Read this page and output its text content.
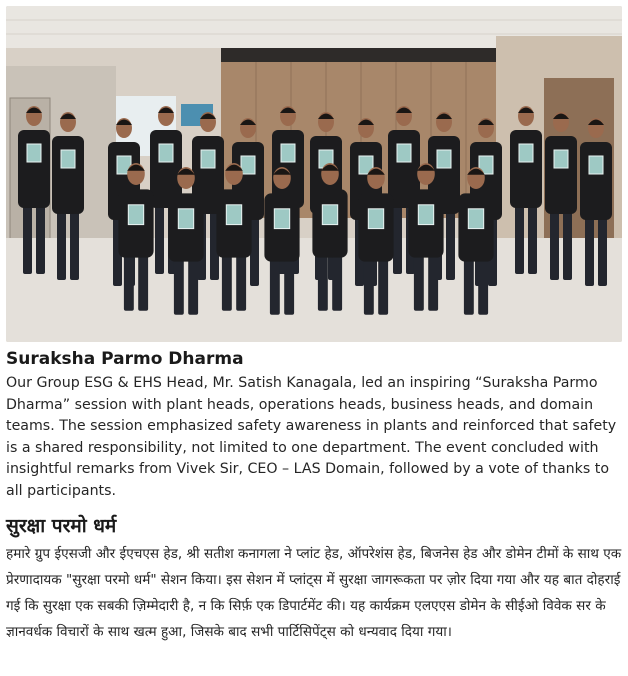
Suraksha Parmo Dharma

Our Group ESG & EHS Head, Mr. Satish Kanagala, led an inspiring “Suraksha Parmo Dharma” session with plant heads, operations heads, business heads, and domain teams. The session emphasized safety awareness in plants and reinforced that safety is a shared responsibility, not limited to one department. The event concluded with insightful remarks from Vivek Sir, CEO – LAS Domain, followed by a vote of thanks to all participants.

सुरक्षा परमो धर्म

हमारे ग्रुप ईएसजी और ईएचएस हेड, श्री सतीश कनागला ने प्लांट हेड, ऑपरेशंस हेड, बिजनेस हेड और डोमेन टीमों के साथ एक प्रेरणादायक "सुरक्षा परमो धर्म" सेशन किया। इस सेशन में प्लांट्स में सुरक्षा जागरूकता पर ज़ोर दिया गया और यह बात दोहराई गई कि सुरक्षा एक सबकी ज़िम्मेदारी है, न कि सिर्फ़ एक डिपार्टमेंट की। यह कार्यक्रम एलएएस डोमेन के सीईओ विवेक सर के ज्ञानवर्धक विचारों के साथ खत्म हुआ, जिसके बाद सभी पार्टिसिपेंट्स को धन्यवाद दिया गया।
